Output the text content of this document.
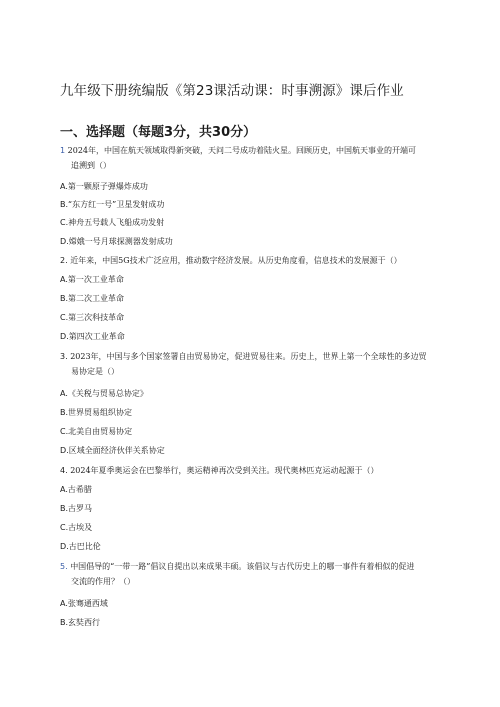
九年级下册统编版《第23课活动课：时事溯源》课后作业
一、选择题（每题3分，共30分）
1 2024年，中国在航天领域取得新突破，天问二号成功着陆火星。回顾历史，中国航天事业的开端可
追溯到（）
A.第一颗原子弹爆炸成功
B.“东方红一号”卫星发射成功
C.神舟五号载人飞船成功发射
D.嫦娥一号月球探测器发射成功
2. 近年来，中国5G技术广泛应用，推动数字经济发展。从历史角度看，信息技术的发展源于（）
A.第一次工业革命
B.第二次工业革命
C.第三次科技革命
D.第四次工业革命
3. 2023年，中国与多个国家签署自由贸易协定，促进贸易往来。历史上，世界上第一个全球性的多边贸
易协定是（）
A.《关税与贸易总协定》
B.世界贸易组织协定
C.北美自由贸易协定
D.区域全面经济伙伴关系协定
4. 2024年夏季奥运会在巴黎举行，奥运精神再次受到关注。现代奥林匹克运动起源于（）
A.古希腊
B.古罗马
C.古埃及
D.古巴比伦
5. 中国倡导的“一带一路”倡议自提出以来成果丰硕。该倡议与古代历史上的哪一事件有着相似的促进
交流的作用？（）
A.张骞通西域
B.玄奘西行
